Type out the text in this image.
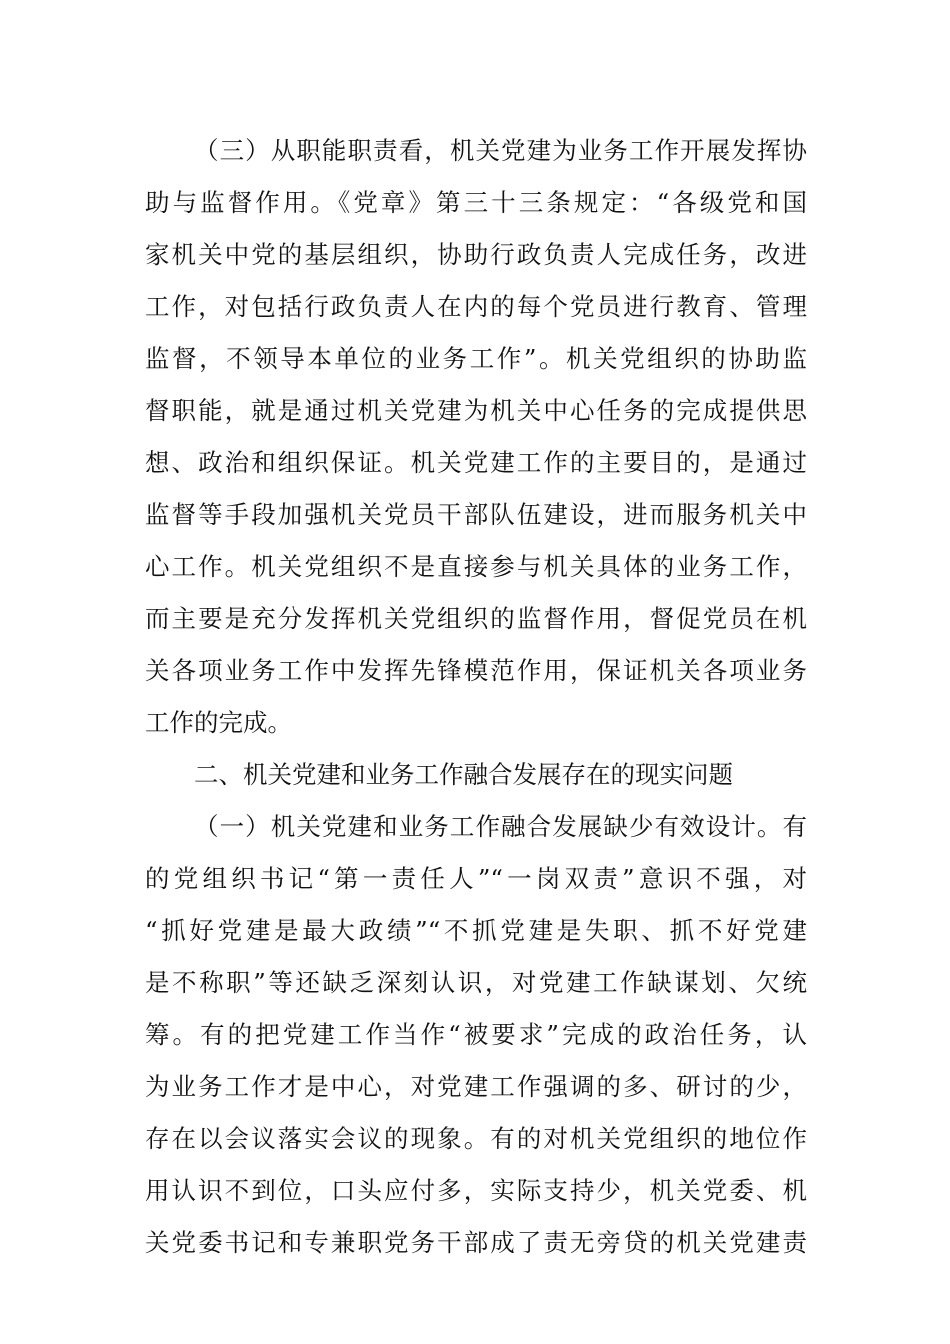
（三）从职能职责看，机关党建为业务工作开展发挥协
助与监督作用。《党章》第三十三条规定：“各级党和国
家机关中党的基层组织，协助行政负责人完成任务，改进
工作，对包括行政负责人在内的每个党员进行教育、管理
监督，不领导本单位的业务工作”。机关党组织的协助监
督职能，就是通过机关党建为机关中心任务的完成提供思
想、政治和组织保证。机关党建工作的主要目的，是通过
监督等手段加强机关党员干部队伍建设，进而服务机关中
心工作。机关党组织不是直接参与机关具体的业务工作，
而主要是充分发挥机关党组织的监督作用，督促党员在机
关各项业务工作中发挥先锋模范作用，保证机关各项业务
工作的完成。
二、机关党建和业务工作融合发展存在的现实问题
（一）机关党建和业务工作融合发展缺少有效设计。有
的党组织书记“第一责任人”“一岗双责”意识不强，对
“抓好党建是最大政绩”“不抓党建是失职、抓不好党建
是不称职”等还缺乏深刻认识，对党建工作缺谋划、欠统
筹。有的把党建工作当作“被要求”完成的政治任务，认
为业务工作才是中心，对党建工作强调的多、研讨的少，
存在以会议落实会议的现象。有的对机关党组织的地位作
用认识不到位，口头应付多，实际支持少，机关党委、机
关党委书记和专兼职党务干部成了责无旁贷的机关党建责
